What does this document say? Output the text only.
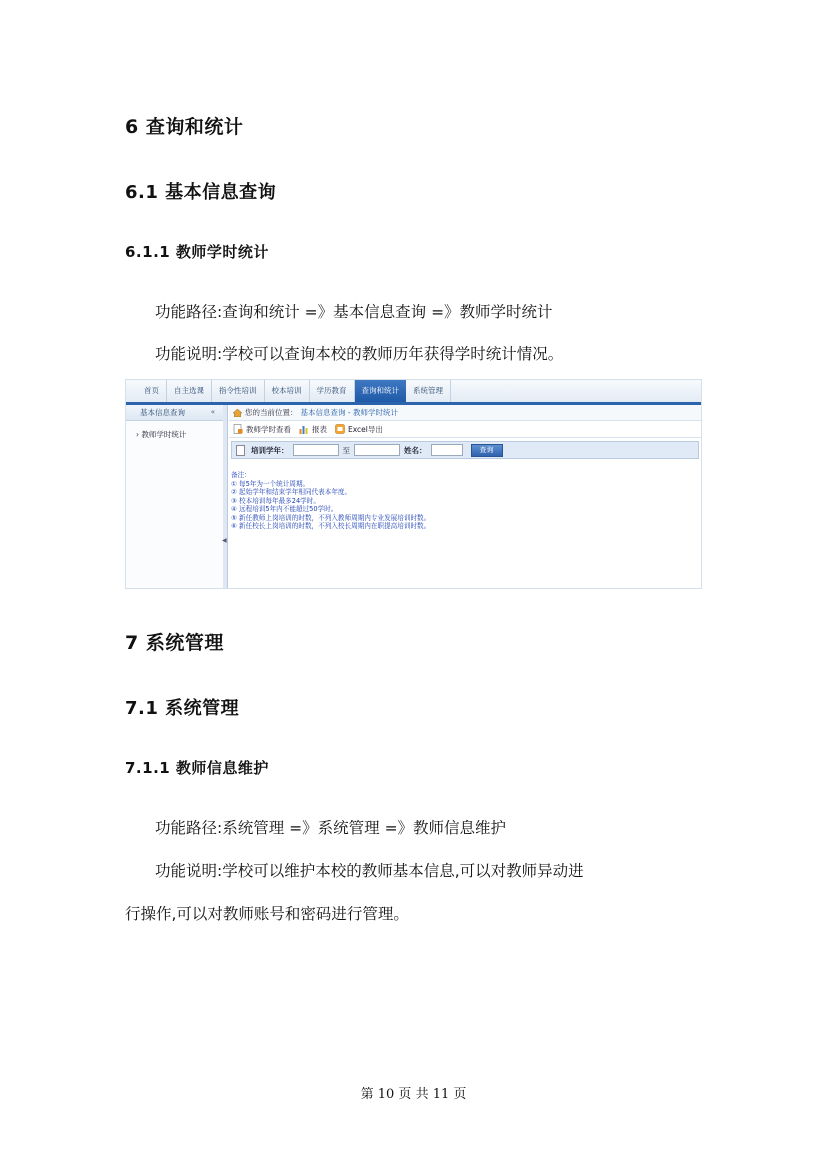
6 查询和统计
6.1 基本信息查询
6.1.1 教师学时统计
功能路径:查询和统计 =》基本信息查询 =》教师学时统计
功能说明:学校可以查询本校的教师历年获得学时统计情况。
首页	自主选课	指令性培训	校本培训	学历教育	查询和统计	系统管理
基本信息查询	«
› 教师学时统计
◀
您的当前位置： 基本信息查询 - 教师学时统计
教师学时查看	报表	Excel导出
培训学年：	至	姓名：	查询
备注：
① 每5年为一个统计周期。
② 起始学年和结束学年相同代表本年度。
③ 校本培训每年最多24学时。
④ 远程培训5年内不能超过50学时。
⑤ 新任教师上岗培训的时数，不列入教师周期内专业发展培训时数。
⑥ 新任校长上岗培训的时数，不列入校长周期内在职提高培训时数。
7 系统管理
7.1 系统管理
7.1.1 教师信息维护
功能路径:系统管理 =》系统管理 =》教师信息维护
功能说明:学校可以维护本校的教师基本信息,可以对教师异动进
行操作,可以对教师账号和密码进行管理。
第 10 页 共 11 页
